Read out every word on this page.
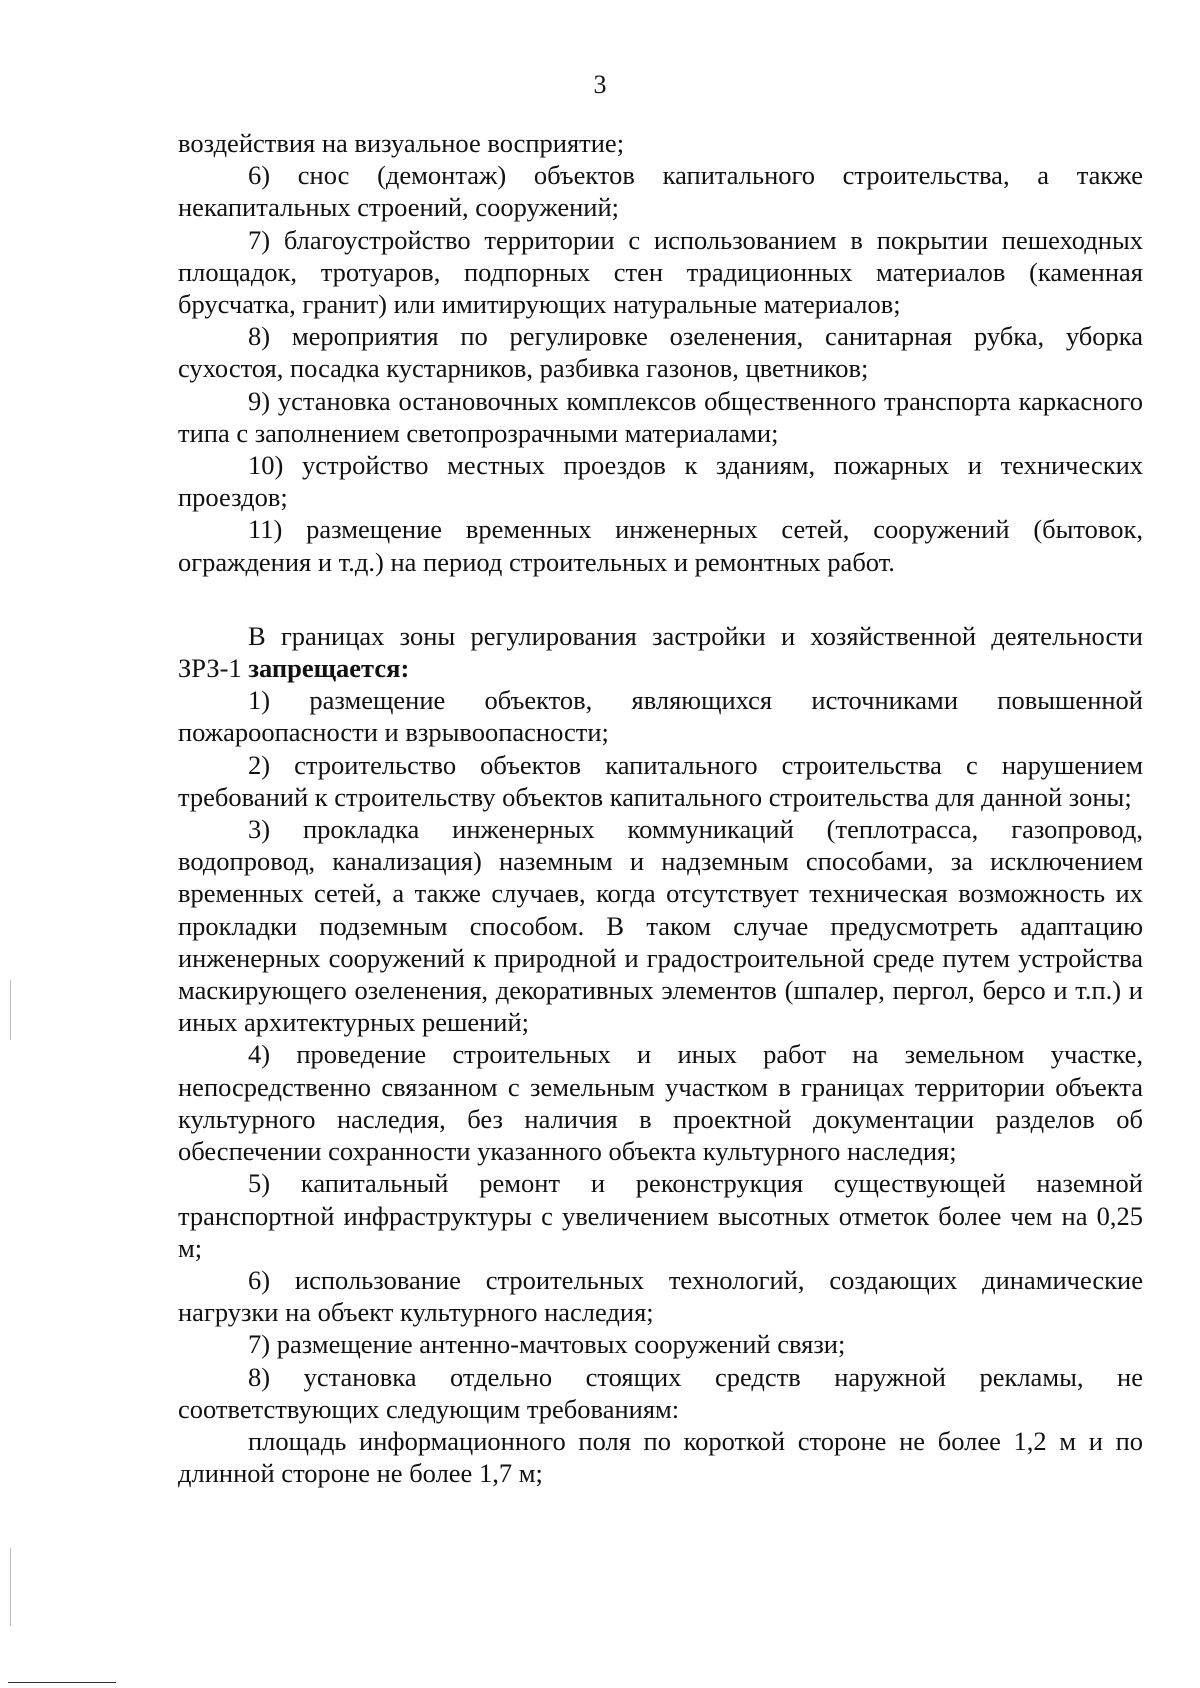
3

воздействия на визуальное восприятие;

6) снос (демонтаж) объектов капитального строительства, а также некапитальных строений, сооружений;

7) благоустройство территории с использованием в покрытии пешеходных площадок, тротуаров, подпорных стен традиционных материалов (каменная брусчатка, гранит) или имитирующих натуральные материалов;

8) мероприятия по регулировке озеленения, санитарная рубка, уборка сухостоя, посадка кустарников, разбивка газонов, цветников;

9) установка остановочных комплексов общественного транспорта каркасного типа с заполнением светопрозрачными материалами;

10) устройство местных проездов к зданиям, пожарных и технических проездов;

11) размещение временных инженерных сетей, сооружений (бытовок, ограждения и т.д.) на период строительных и ремонтных работ.

В границах зоны регулирования застройки и хозяйственной деятельности ЗРЗ-1 запрещается:

1) размещение объектов, являющихся источниками повышенной пожароопасности и взрывоопасности;

2) строительство объектов капитального строительства с нарушением требований к строительству объектов капитального строительства для данной зоны;

3) прокладка инженерных коммуникаций (теплотрасса, газопровод, водопровод, канализация) наземным и надземным способами, за исключением временных сетей, а также случаев, когда отсутствует техническая возможность их прокладки подземным способом. В таком случае предусмотреть адаптацию инженерных сооружений к природной и градостроительной среде путем устройства маскирующего озеленения, декоративных элементов (шпалер, пергол, берсо и т.п.) и иных архитектурных решений;

4) проведение строительных и иных работ на земельном участке, непосредственно связанном с земельным участком в границах территории объекта культурного наследия, без наличия в проектной документации разделов об обеспечении сохранности указанного объекта культурного наследия;

5) капитальный ремонт и реконструкция существующей наземной транспортной инфраструктуры с увеличением высотных отметок более чем на 0,25 м;

6) использование строительных технологий, создающих динамические нагрузки на объект культурного наследия;

7) размещение антенно-мачтовых сооружений связи;

8) установка отдельно стоящих средств наружной рекламы, не соответствующих следующим требованиям:

площадь информационного поля по короткой стороне не более 1,2 м и по длинной стороне не более 1,7 м;
